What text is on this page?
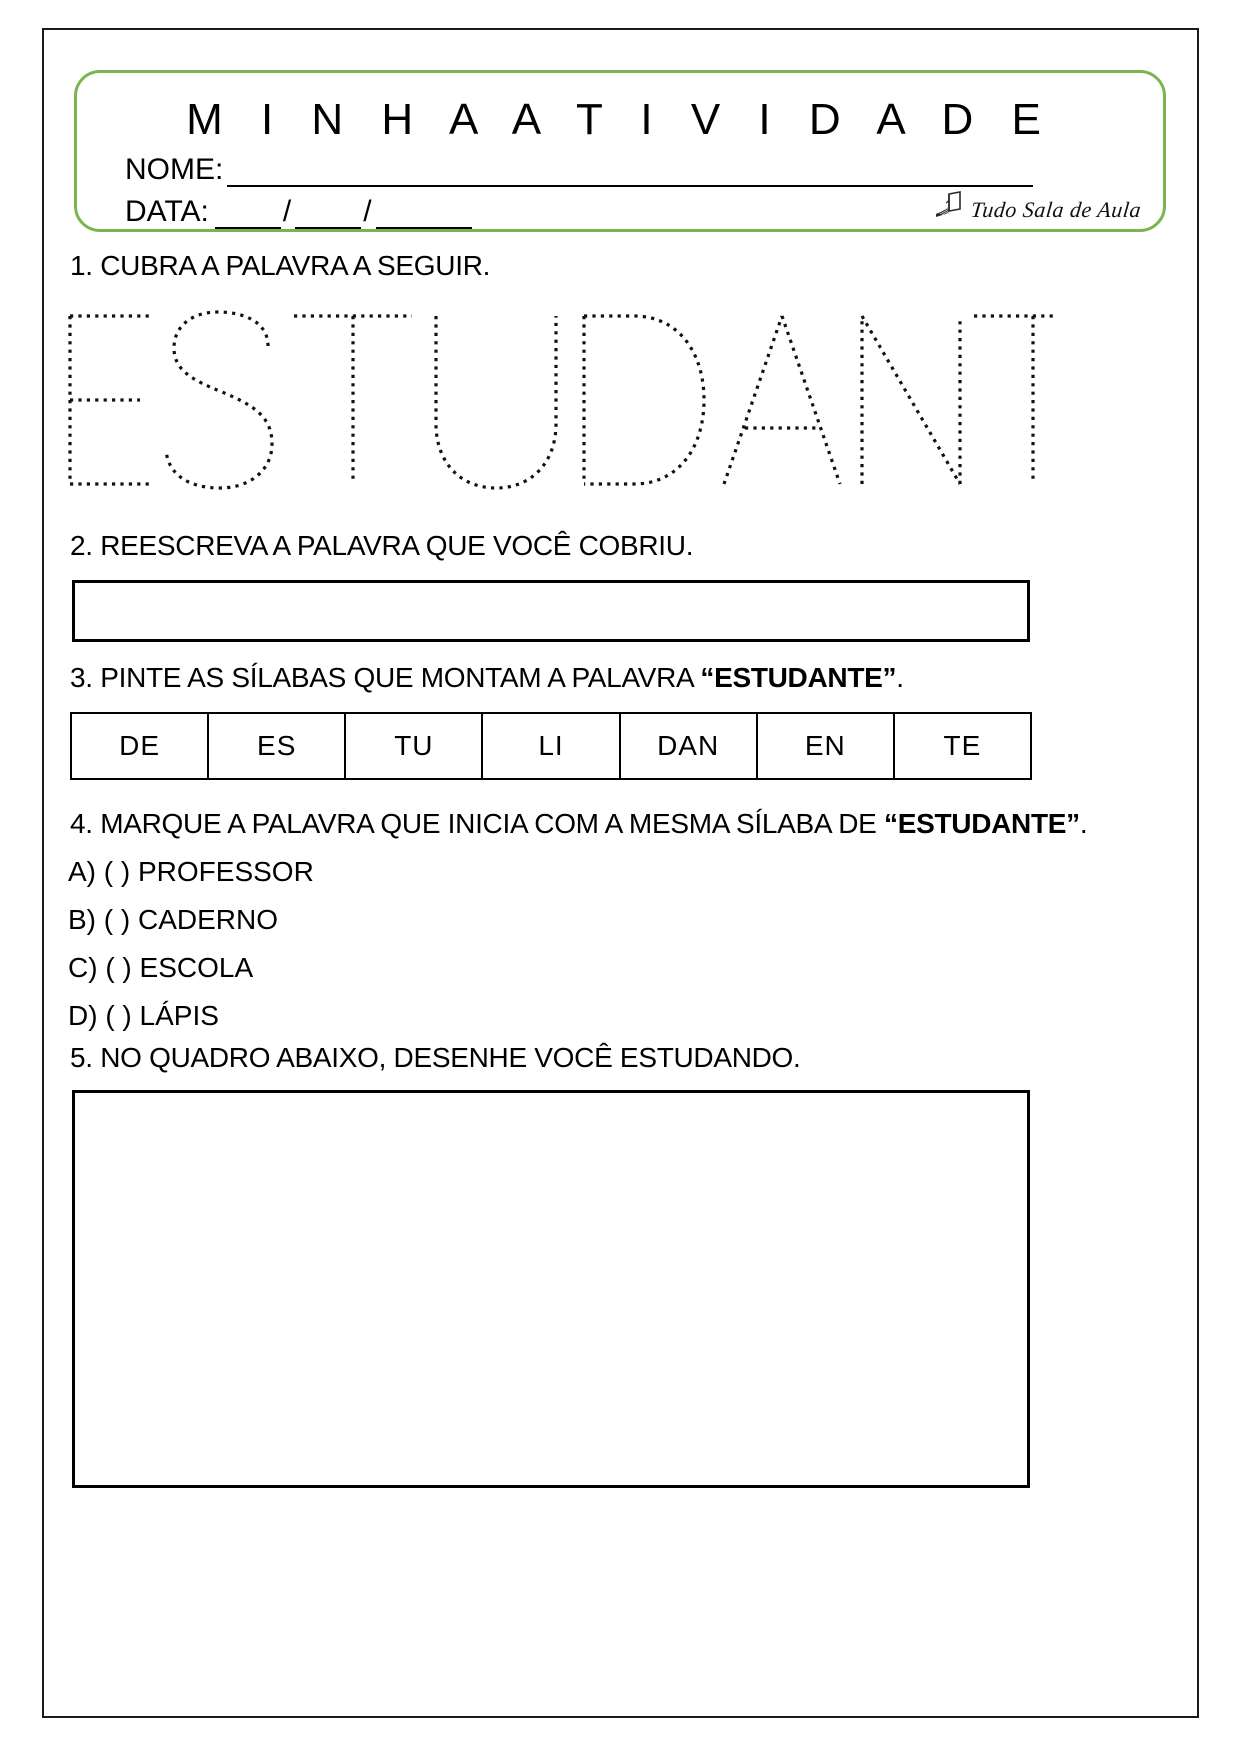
M I N H A A T I V I D A D E
NOME:
DATA: / /	Tudo Sala de Aula
1. CUBRA A PALAVRA A SEGUIR.
2. REESCREVA A PALAVRA QUE VOCÊ COBRIU.
3. PINTE AS SÍLABAS QUE MONTAM A PALAVRA “ESTUDANTE”.
DE	ES	TU	LI	DAN	EN	TE
4. MARQUE A PALAVRA QUE INICIA COM A MESMA SÍLABA DE “ESTUDANTE”.
A) ( ) PROFESSOR
B) ( ) CADERNO
C) ( ) ESCOLA
D) ( ) LÁPIS
5. NO QUADRO ABAIXO, DESENHE VOCÊ ESTUDANDO.
